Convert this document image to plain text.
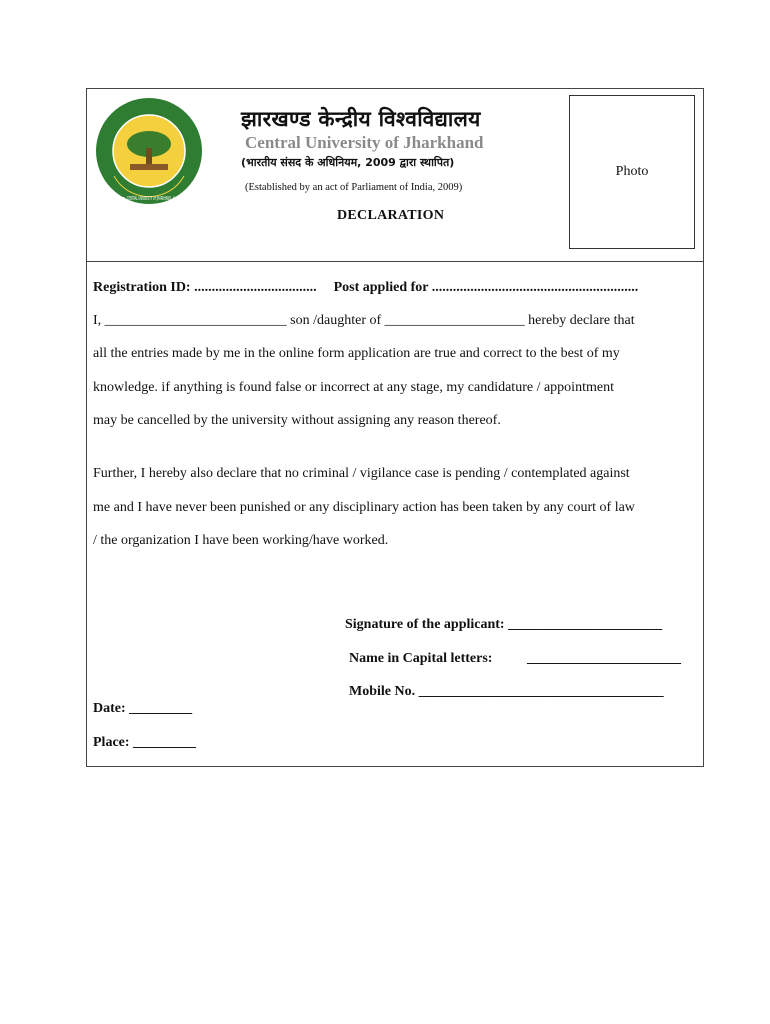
झारखण्ड केन्द्रीय विश्वविद्यालय · CENTRAL UNIVERSITY OF JHARKHAND · Knowledge To Wisdom
झारखण्ड केन्द्रीय विश्वविद्यालय
Central University of Jharkhand
(भारतीय संसद के अधिनियम, 2009 द्वारा स्थापित)
(Established by an act of Parliament of India, 2009)
DECLARATION
Photo
Registration ID: ................................... Post applied for ...........................................................
I, __________________________ son /daughter of ____________________ hereby declare that
all the entries made by me in the online form application are true and correct to the best of my
knowledge. if anything is found false or incorrect at any stage, my candidature / appointment
may be cancelled by the university without assigning any reason thereof.
Further, I hereby also declare that no criminal / vigilance case is pending / contemplated against
me and I have never been punished or any disciplinary action has been taken by any court of law
/ the organization I have been working/have worked.
Signature of the applicant: ______________________
Name in Capital letters: ______________________
Mobile No. ___________________________________
Date: _________
Place: _________
